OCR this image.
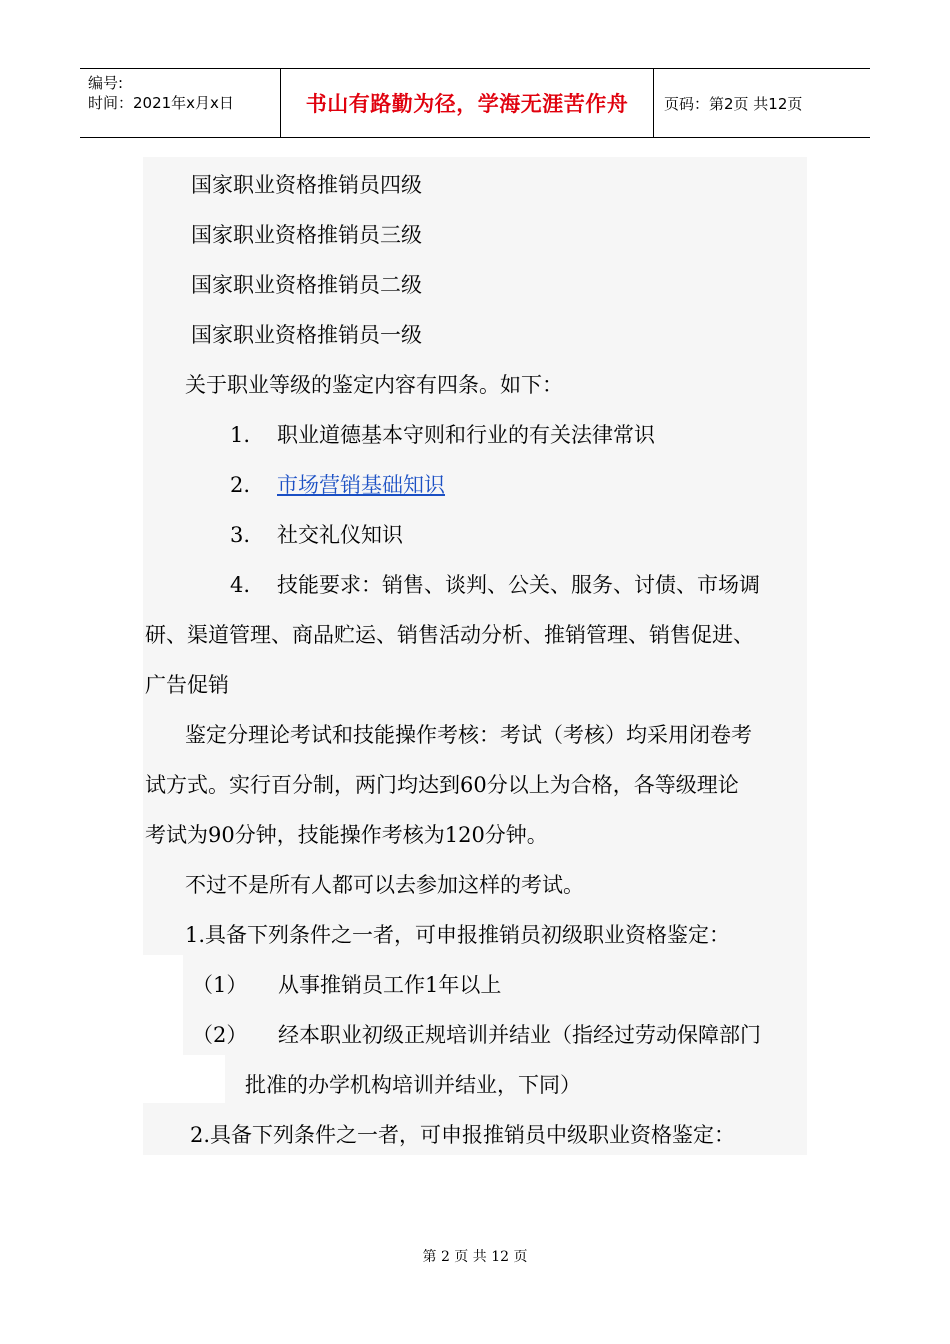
编号:
时间：2021年x月x日	书山有路勤为径，学海无涯苦作舟	页码：第2页 共12页
国家职业资格推销员四级
国家职业资格推销员三级
国家职业资格推销员二级
国家职业资格推销员一级
关于职业等级的鉴定内容有四条。如下：
1. 职业道德基本守则和行业的有关法律常识
2. 市场营销基础知识
3. 社交礼仪知识
4. 技能要求：销售、谈判、公关、服务、讨债、市场调
研、渠道管理、商品贮运、销售活动分析、推销管理、销售促进、
广告促销
鉴定分理论考试和技能操作考核：考试（考核）均采用闭卷考
试方式。实行百分制，两门均达到60分以上为合格，各等级理论
考试为90分钟，技能操作考核为120分钟。
不过不是所有人都可以去参加这样的考试。
1.具备下列条件之一者，可申报推销员初级职业资格鉴定：
（1） 从事推销员工作1年以上
（2） 经本职业初级正规培训并结业（指经过劳动保障部门
批准的办学机构培训并结业，下同）
2.具备下列条件之一者，可申报推销员中级职业资格鉴定：
第 2 页 共 12 页
